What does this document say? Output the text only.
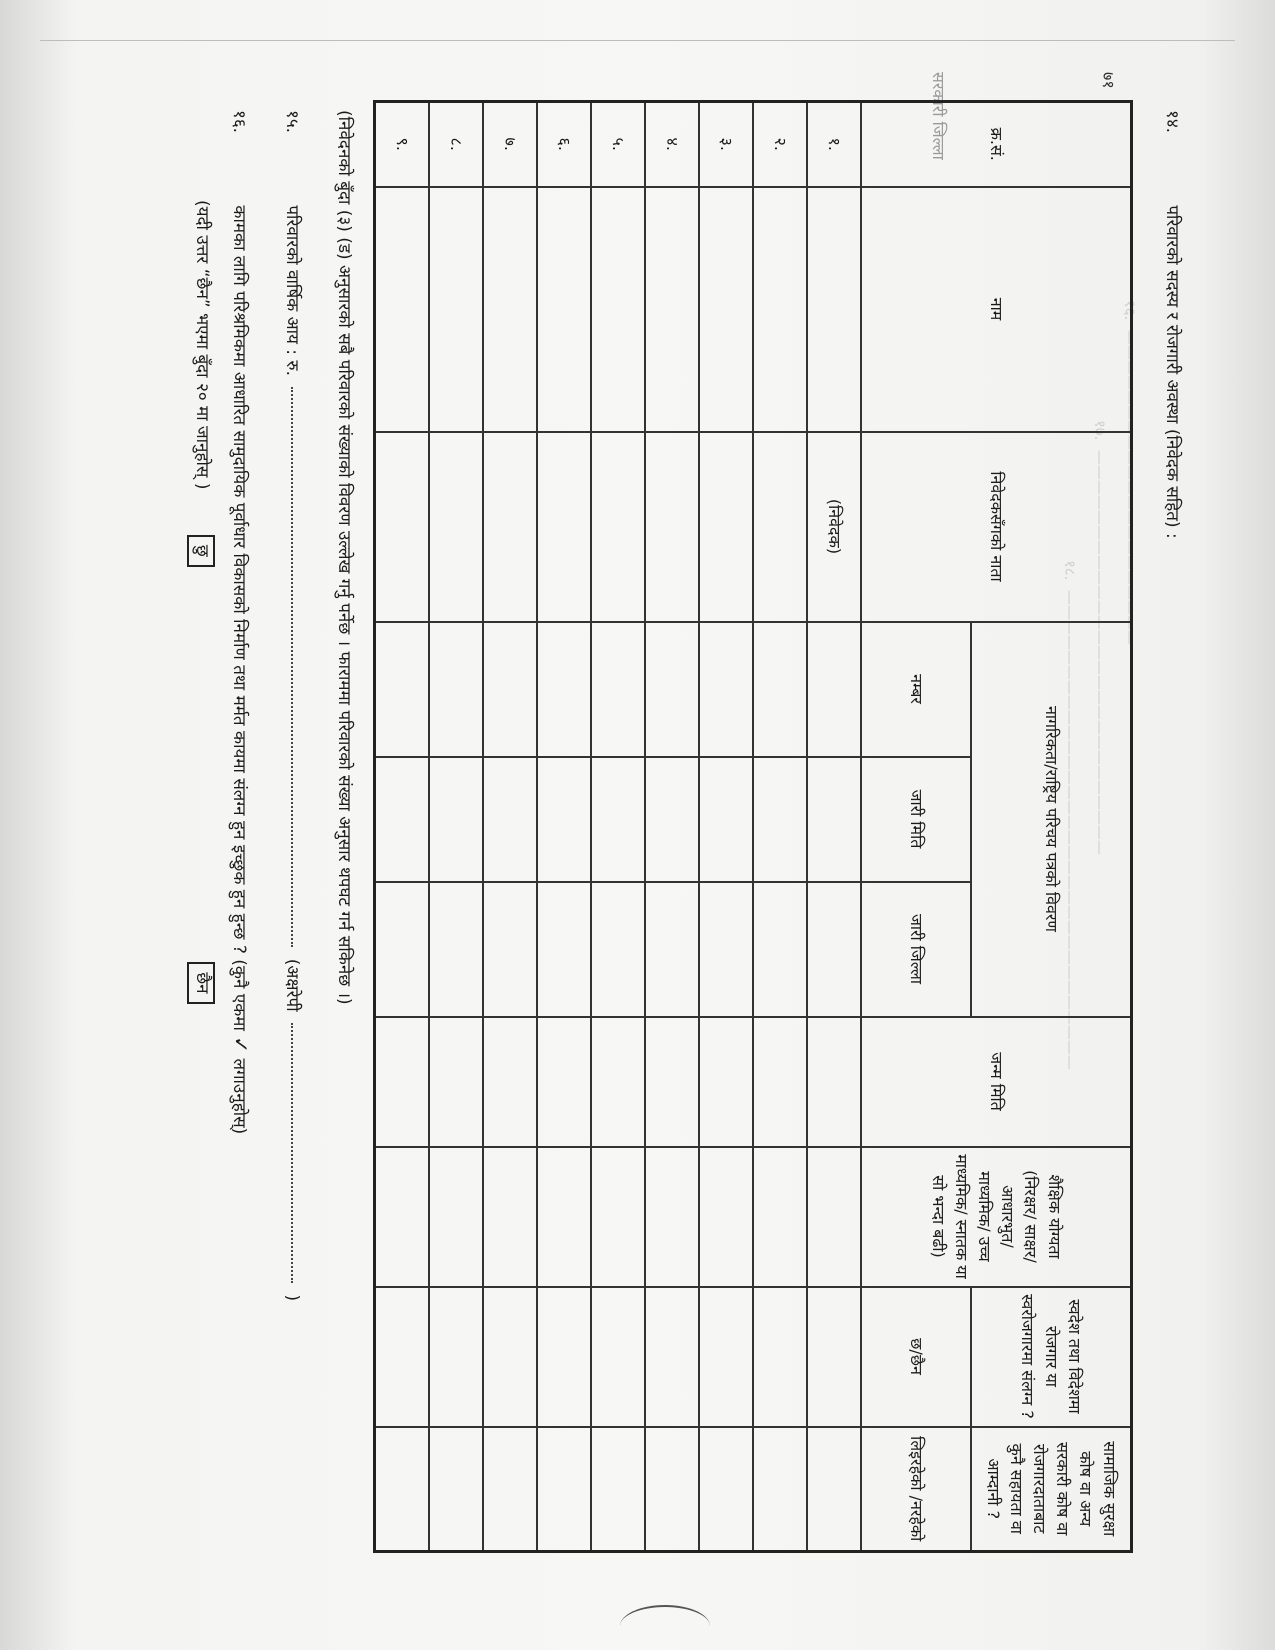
७१
सरकारी जिल्ला
१६.  —————————————————————
१७.  ———————————————————————————
१८.  ————————————————————————————————
१४. परिवारको सदस्य र रोजगारी अवस्था (निवेदक सहित) :
क्र.सं.	नाम	निवेदकसँगको नाता	नागरिकता/राष्ट्रिय परिचय पत्रको विवरण			जन्म मिति	शैक्षिक योग्यता (निरक्षर/ साक्षर/ आधारभुत/ माध्यमिक/ उच्च माध्यमिक/ स्नातक या सो भन्दा बढी)	स्वदेश तथा विदेशमा रोजगार या स्वरोजगारमा संलग्न ?	सामाजिक सुरक्षा कोष वा अन्य सरकारी कोष वा रोजगारदाताबाट कुनै सहायता वा आम्दानी ?
			नम्बर	जारी मिति	जारी जिल्ला			छ/छैन	लिइरहेको /नरहेको
१.		(निवेदक)							
२.									
३.									
४.									
५.									
६.									
७.									
८.									
९.									
(निवेदनको बुँदा (३) (ड) अनुसारको सबै परिवारको संख्याको विवरण उल्लेख गर्नु पर्नेछ । फाराममा परिवारको संख्या अनुसार थपघट गर्न सकिनेछ ।)
१५. परिवारको वार्षिक आय : रु.  (अक्षरेपी  )
१६. कामका लागि परिश्रमिकमा आधारित सामुदायिक पूर्वाधार विकासको निर्माण तथा मर्मत कायमा संलग्न हुन इच्छुक हुन हुन्छ ? (कुनै एकमा ✓ लगाउनुहोस्)
(यदी उत्तर “छैन” भएमा बुँदा २० मा जानुहोस् ) छु छैन
